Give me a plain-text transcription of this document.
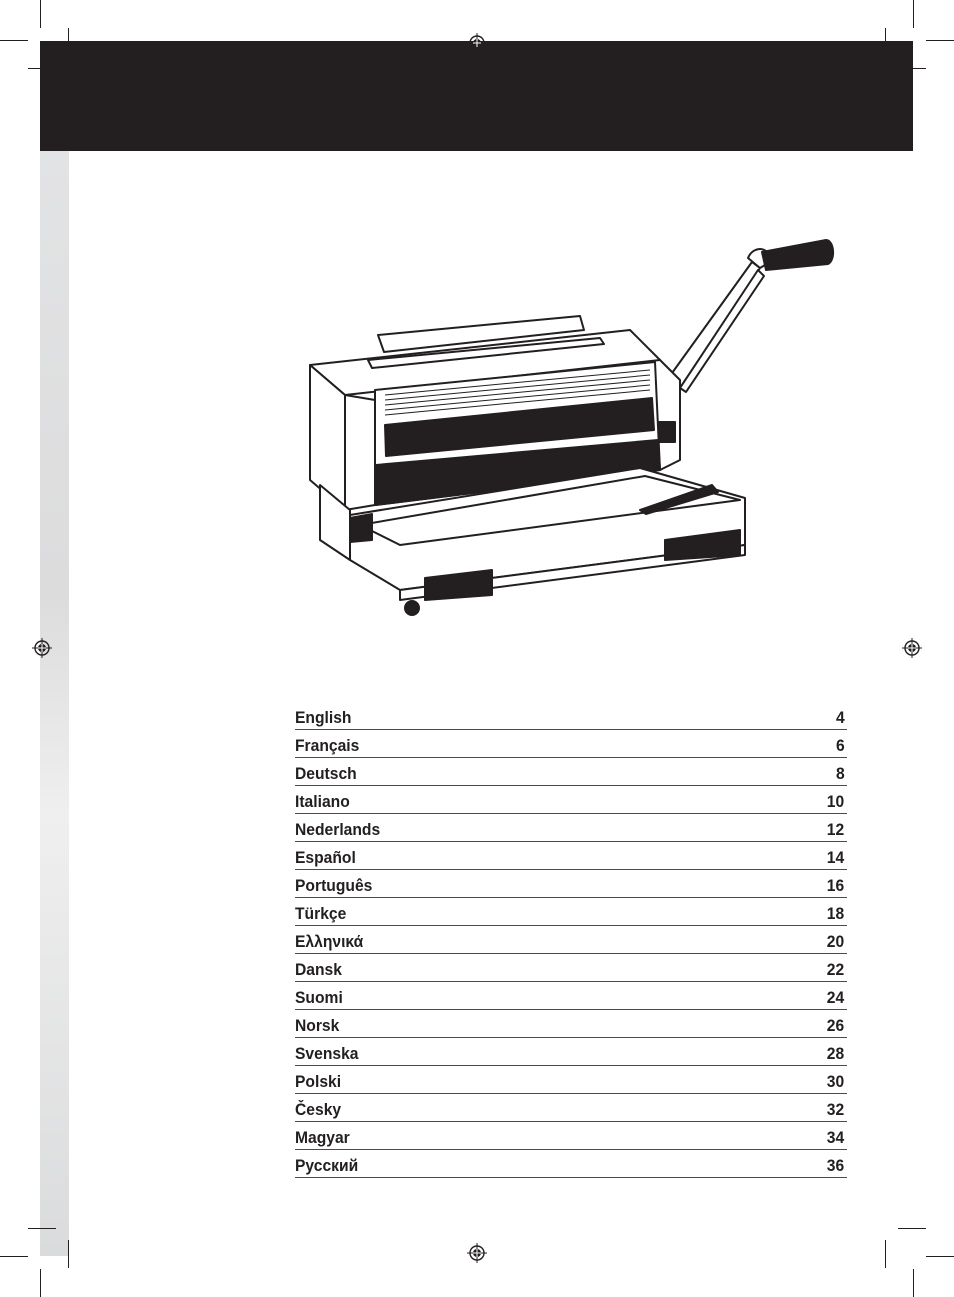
English	4
Français	6
Deutsch	8
Italiano	10
Nederlands	12
Español	14
Português	16
Türkçe	18
Ελληνικά	20
Dansk	22
Suomi	24
Norsk	26
Svenska	28
Polski	30
Česky	32
Magyar	34
Русский	36
